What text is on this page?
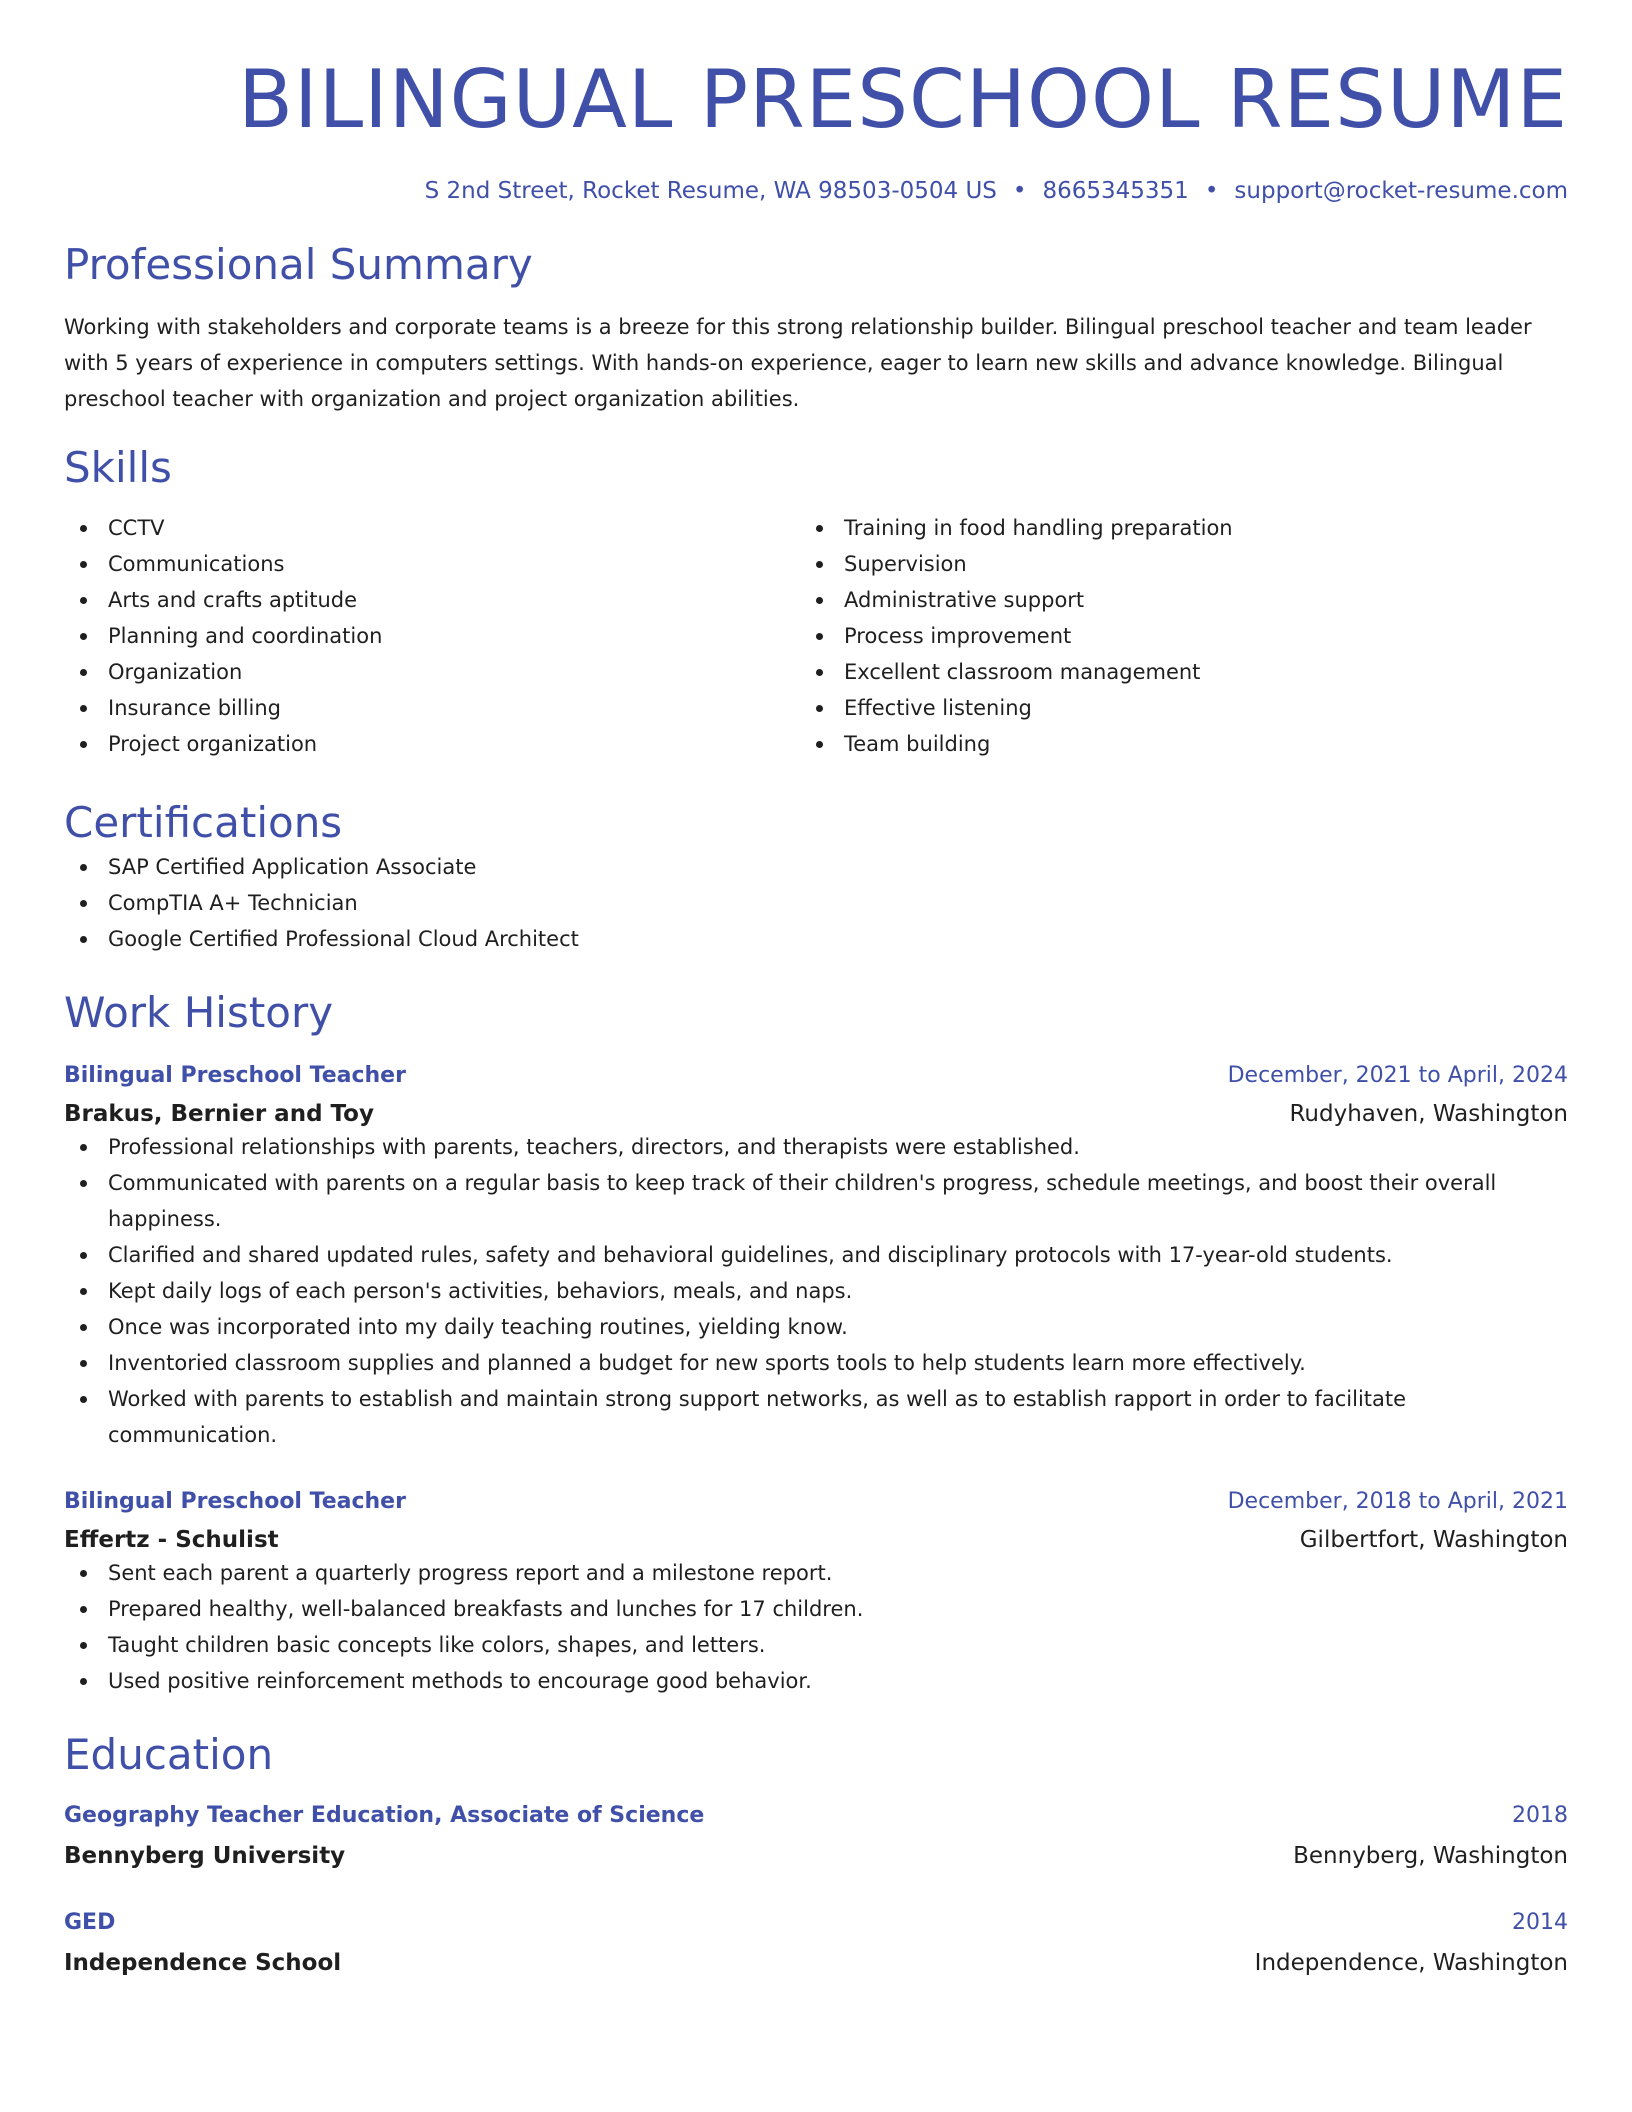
BILINGUAL PRESCHOOL RESUME
S 2nd Street, Rocket Resume, WA 98503-0504 US • 8665345351 • support@rocket-resume.com
Professional Summary

Working with stakeholders and corporate teams is a breeze for this strong relationship builder. Bilingual preschool teacher and team leader with 5 years of experience in computers settings. With hands-on experience, eager to learn new skills and advance knowledge. Bilingual preschool teacher with organization and project organization abilities.

Skills
CCTV
Communications
Arts and crafts aptitude
Planning and coordination
Organization
Insurance billing
Project organization
Training in food handling preparation
Supervision
Administrative support
Process improvement
Excellent classroom management
Effective listening
Team building
Certifications
SAP Certified Application Associate
CompTIA A+ Technician
Google Certified Professional Cloud Architect
Work History
Bilingual Preschool Teacher	December, 2021 to April, 2024
Brakus, Bernier and Toy	Rudyhaven, Washington
Professional relationships with parents, teachers, directors, and therapists were established.
Communicated with parents on a regular basis to keep track of their children's progress, schedule meetings, and boost their overall happiness.
Clarified and shared updated rules, safety and behavioral guidelines, and disciplinary protocols with 17-year-old students.
Kept daily logs of each person's activities, behaviors, meals, and naps.
Once was incorporated into my daily teaching routines, yielding know.
Inventoried classroom supplies and planned a budget for new sports tools to help students learn more effectively.
Worked with parents to establish and maintain strong support networks, as well as to establish rapport in order to facilitate communication.
Bilingual Preschool Teacher	December, 2018 to April, 2021
Effertz - Schulist	Gilbertfort, Washington
Sent each parent a quarterly progress report and a milestone report.
Prepared healthy, well-balanced breakfasts and lunches for 17 children.
Taught children basic concepts like colors, shapes, and letters.
Used positive reinforcement methods to encourage good behavior.
Education
Geography Teacher Education, Associate of Science	2018
Bennyberg University	Bennyberg, Washington
GED	2014
Independence School	Independence, Washington
